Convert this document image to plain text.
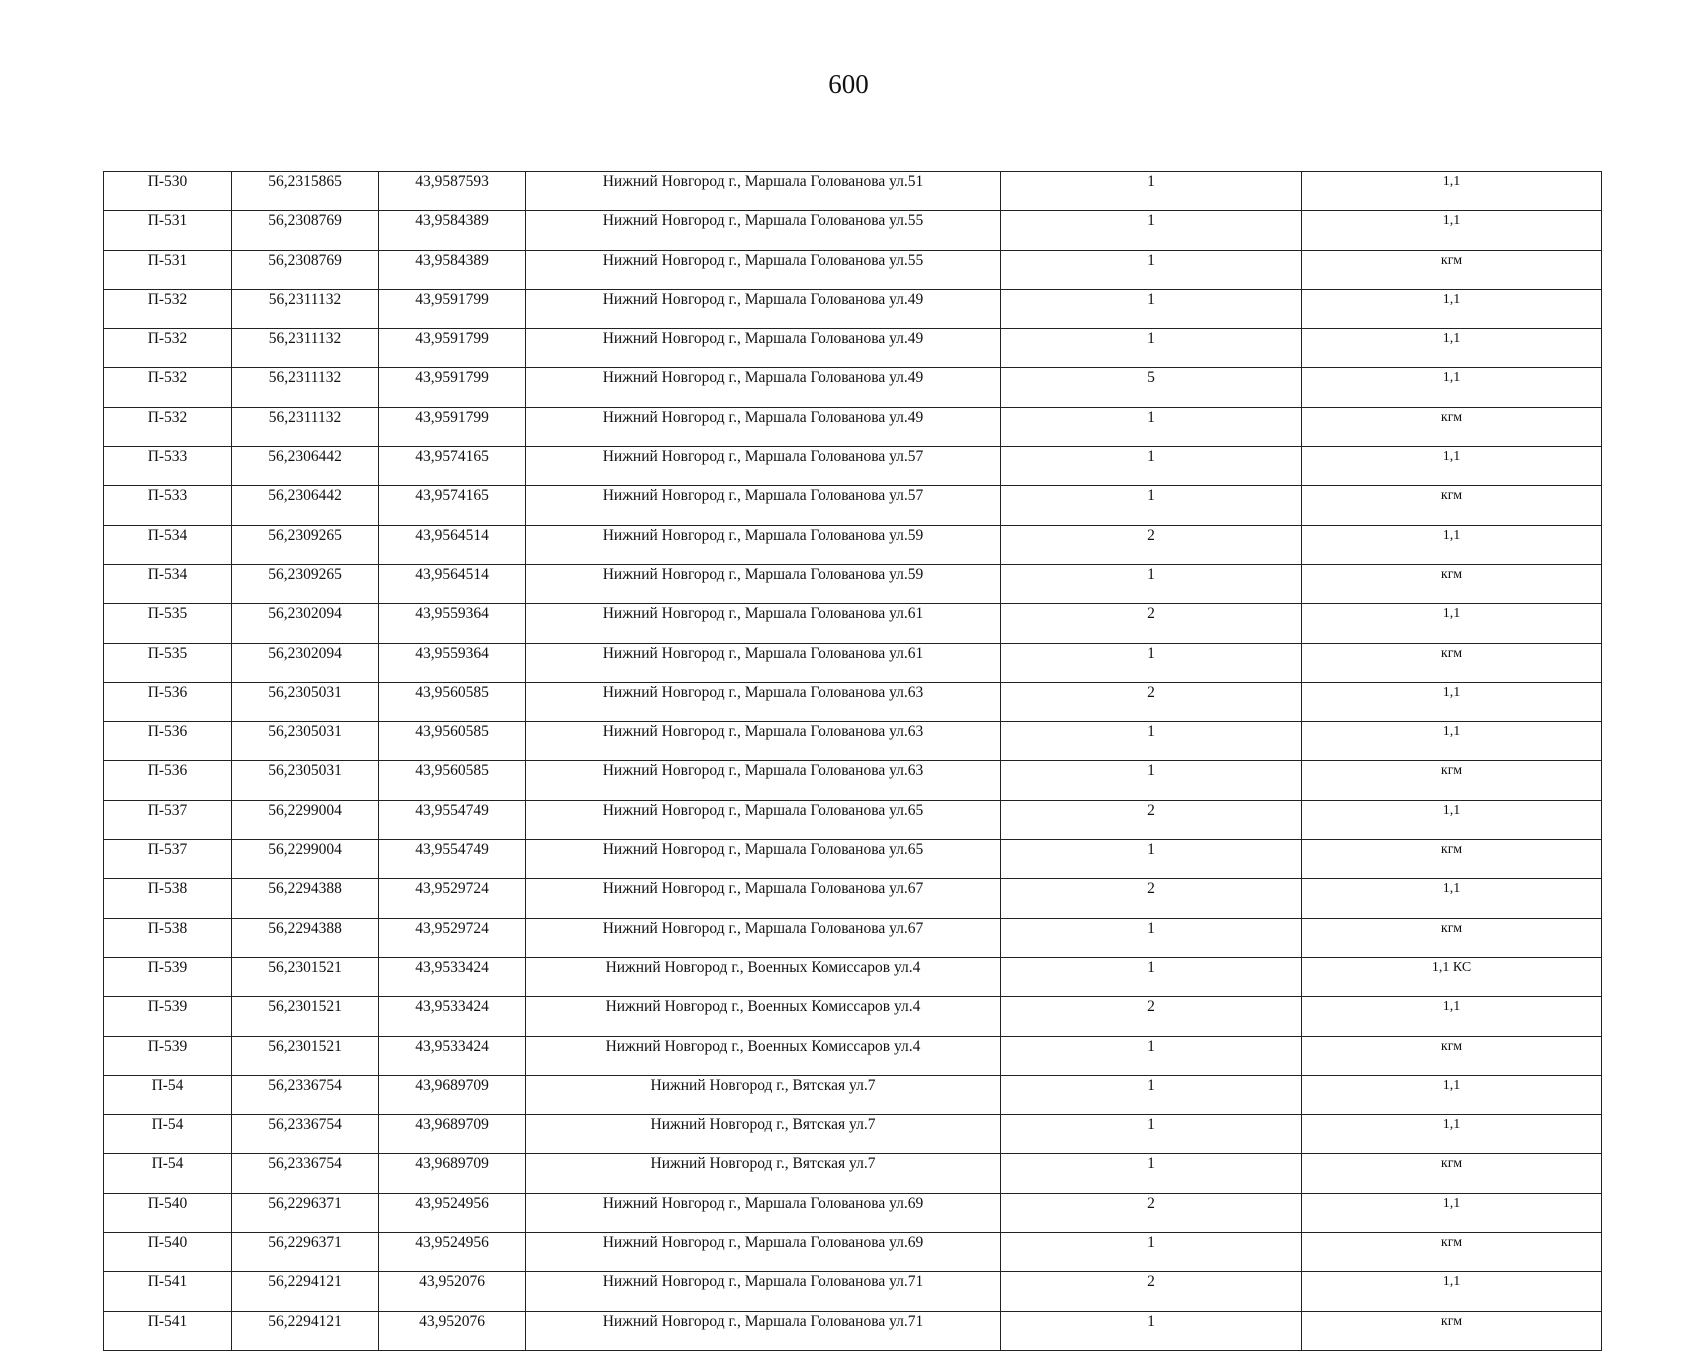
600
П-530	56,2315865	43,9587593	Нижний Новгород г., Маршала Голованова ул.51	1	1,1
П-531	56,2308769	43,9584389	Нижний Новгород г., Маршала Голованова ул.55	1	1,1
П-531	56,2308769	43,9584389	Нижний Новгород г., Маршала Голованова ул.55	1	кгм
П-532	56,2311132	43,9591799	Нижний Новгород г., Маршала Голованова ул.49	1	1,1
П-532	56,2311132	43,9591799	Нижний Новгород г., Маршала Голованова ул.49	1	1,1
П-532	56,2311132	43,9591799	Нижний Новгород г., Маршала Голованова ул.49	5	1,1
П-532	56,2311132	43,9591799	Нижний Новгород г., Маршала Голованова ул.49	1	кгм
П-533	56,2306442	43,9574165	Нижний Новгород г., Маршала Голованова ул.57	1	1,1
П-533	56,2306442	43,9574165	Нижний Новгород г., Маршала Голованова ул.57	1	кгм
П-534	56,2309265	43,9564514	Нижний Новгород г., Маршала Голованова ул.59	2	1,1
П-534	56,2309265	43,9564514	Нижний Новгород г., Маршала Голованова ул.59	1	кгм
П-535	56,2302094	43,9559364	Нижний Новгород г., Маршала Голованова ул.61	2	1,1
П-535	56,2302094	43,9559364	Нижний Новгород г., Маршала Голованова ул.61	1	кгм
П-536	56,2305031	43,9560585	Нижний Новгород г., Маршала Голованова ул.63	2	1,1
П-536	56,2305031	43,9560585	Нижний Новгород г., Маршала Голованова ул.63	1	1,1
П-536	56,2305031	43,9560585	Нижний Новгород г., Маршала Голованова ул.63	1	кгм
П-537	56,2299004	43,9554749	Нижний Новгород г., Маршала Голованова ул.65	2	1,1
П-537	56,2299004	43,9554749	Нижний Новгород г., Маршала Голованова ул.65	1	кгм
П-538	56,2294388	43,9529724	Нижний Новгород г., Маршала Голованова ул.67	2	1,1
П-538	56,2294388	43,9529724	Нижний Новгород г., Маршала Голованова ул.67	1	кгм
П-539	56,2301521	43,9533424	Нижний Новгород г., Военных Комиссаров ул.4	1	1,1 КС
П-539	56,2301521	43,9533424	Нижний Новгород г., Военных Комиссаров ул.4	2	1,1
П-539	56,2301521	43,9533424	Нижний Новгород г., Военных Комиссаров ул.4	1	кгм
П-54	56,2336754	43,9689709	Нижний Новгород г., Вятская ул.7	1	1,1
П-54	56,2336754	43,9689709	Нижний Новгород г., Вятская ул.7	1	1,1
П-54	56,2336754	43,9689709	Нижний Новгород г., Вятская ул.7	1	кгм
П-540	56,2296371	43,9524956	Нижний Новгород г., Маршала Голованова ул.69	2	1,1
П-540	56,2296371	43,9524956	Нижний Новгород г., Маршала Голованова ул.69	1	кгм
П-541	56,2294121	43,952076	Нижний Новгород г., Маршала Голованова ул.71	2	1,1
П-541	56,2294121	43,952076	Нижний Новгород г., Маршала Голованова ул.71	1	кгм
